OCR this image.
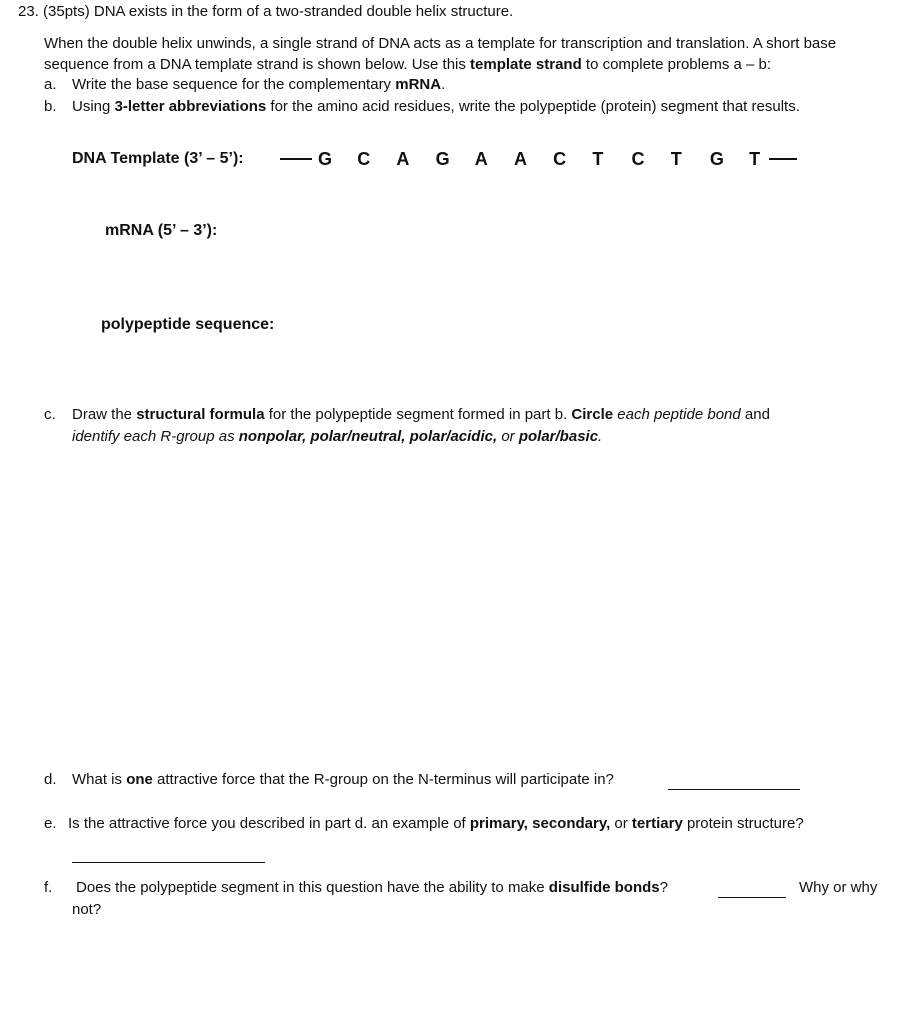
23. (35pts) DNA exists in the form of a two-stranded double helix structure.
When the double helix unwinds, a single strand of DNA acts as a template for transcription and translation. A short base sequence from a DNA template strand is shown below. Use this template strand to complete problems a – b:
a. Write the base sequence for the complementary mRNA.
b. Using 3-letter abbreviations for the amino acid residues, write the polypeptide (protein) segment that results.
DNA Template (3’ – 5’):	G	C	A	G	A	A	C	T	C	T	G	T
mRNA (5’ – 3’):
polypeptide sequence:
c. Draw the structural formula for the polypeptide segment formed in part b. Circle each peptide bond and
identify each R-group as nonpolar, polar/neutral, polar/acidic, or polar/basic.
d. What is one attractive force that the R-group on the N-terminus will participate in?
e. Is the attractive force you described in part d. an example of primary, secondary, or tertiary protein structure?
f. Does the polypeptide segment in this question have the ability to make disulfide bonds?	Why or why
not?
